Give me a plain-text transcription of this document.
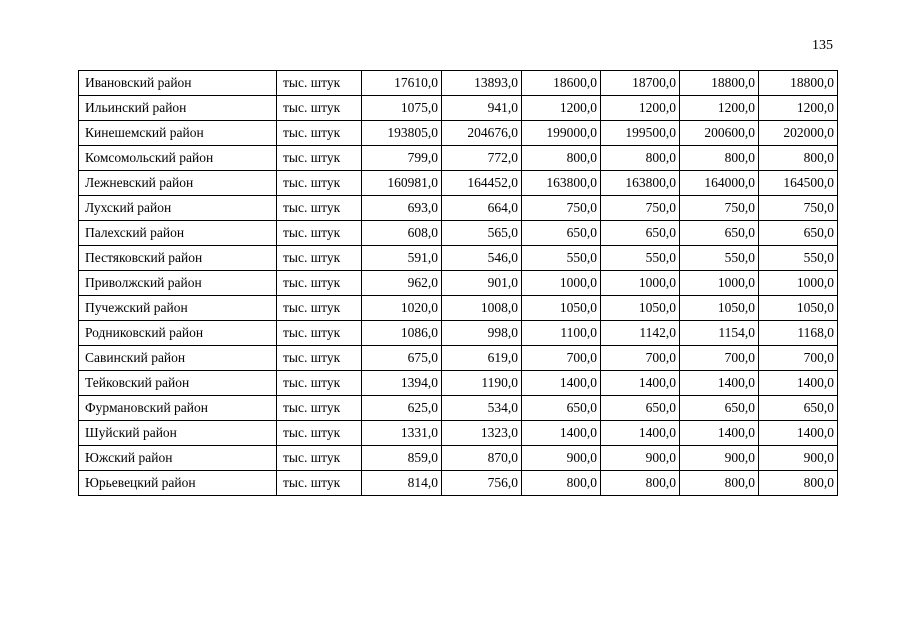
135
Ивановский район	тыс. штук	17610,0	13893,0	18600,0	18700,0	18800,0	18800,0
Ильинский район	тыс. штук	1075,0	941,0	1200,0	1200,0	1200,0	1200,0
Кинешемский район	тыс. штук	193805,0	204676,0	199000,0	199500,0	200600,0	202000,0
Комсомольский район	тыс. штук	799,0	772,0	800,0	800,0	800,0	800,0
Лежневский район	тыс. штук	160981,0	164452,0	163800,0	163800,0	164000,0	164500,0
Лухский район	тыс. штук	693,0	664,0	750,0	750,0	750,0	750,0
Палехский район	тыс. штук	608,0	565,0	650,0	650,0	650,0	650,0
Пестяковский район	тыс. штук	591,0	546,0	550,0	550,0	550,0	550,0
Приволжский район	тыс. штук	962,0	901,0	1000,0	1000,0	1000,0	1000,0
Пучежский район	тыс. штук	1020,0	1008,0	1050,0	1050,0	1050,0	1050,0
Родниковский район	тыс. штук	1086,0	998,0	1100,0	1142,0	1154,0	1168,0
Савинский район	тыс. штук	675,0	619,0	700,0	700,0	700,0	700,0
Тейковский район	тыс. штук	1394,0	1190,0	1400,0	1400,0	1400,0	1400,0
Фурмановский район	тыс. штук	625,0	534,0	650,0	650,0	650,0	650,0
Шуйский район	тыс. штук	1331,0	1323,0	1400,0	1400,0	1400,0	1400,0
Южский район	тыс. штук	859,0	870,0	900,0	900,0	900,0	900,0
Юрьевецкий район	тыс. штук	814,0	756,0	800,0	800,0	800,0	800,0
